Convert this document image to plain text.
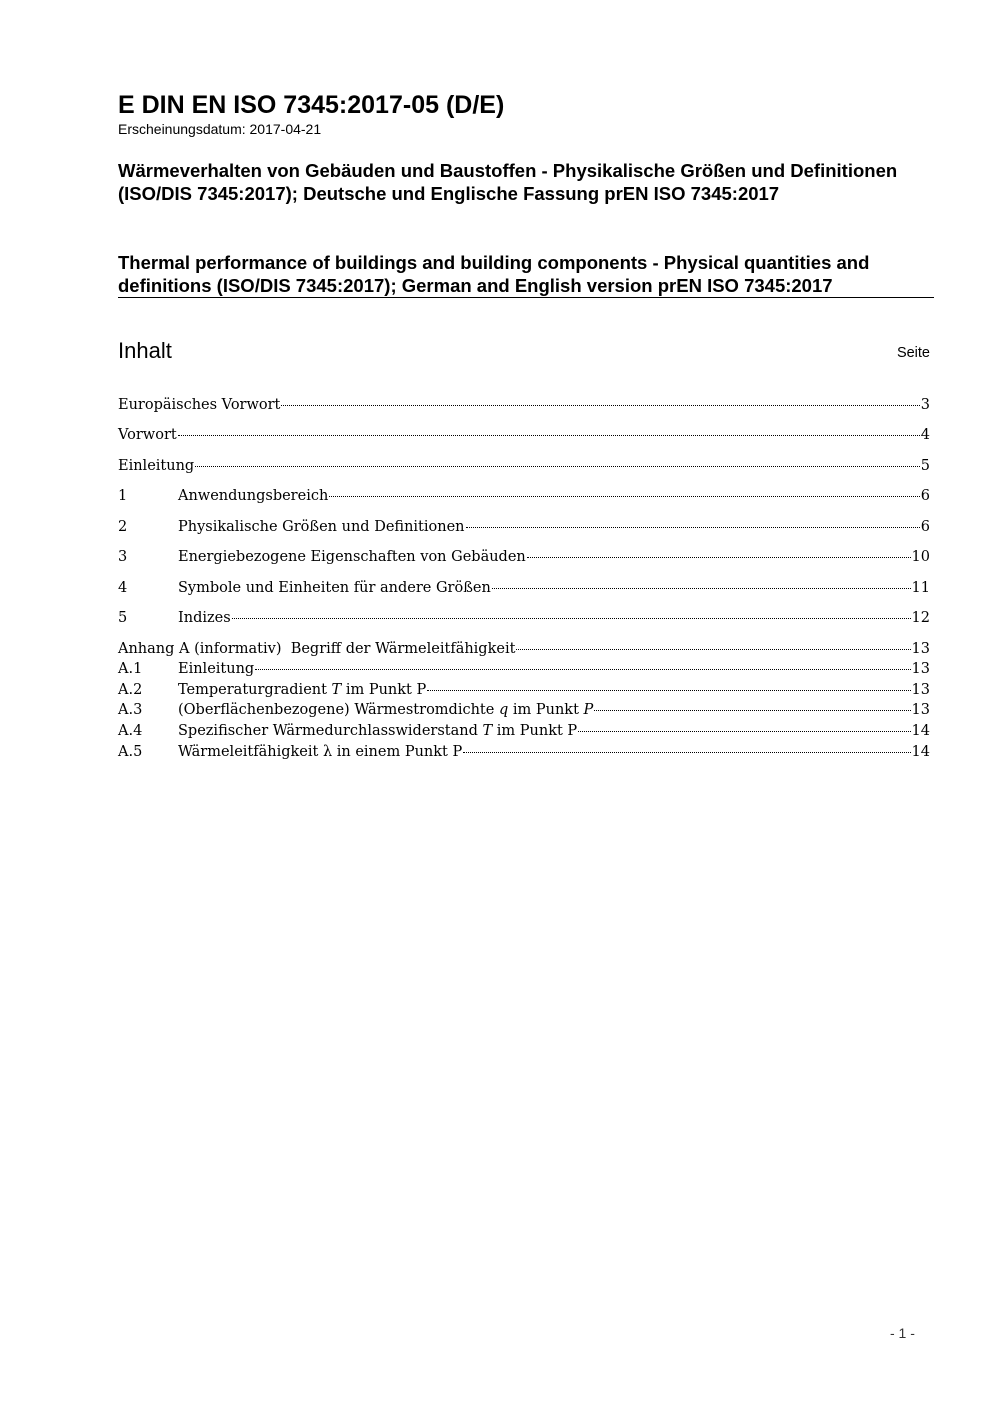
E DIN EN ISO 7345:2017-05 (D/E)
Erscheinungsdatum: 2017-04-21
Wärmeverhalten von Gebäuden und Baustoffen - Physikalische Größen und Definitionen (ISO/DIS 7345:2017); Deutsche und Englische Fassung prEN ISO 7345:2017
Thermal performance of buildings and building components - Physical quantities and definitions (ISO/DIS 7345:2017); German and English version prEN ISO 7345:2017
Inhalt	Seite
Europäisches Vorwort	3
Vorwort	4
Einleitung	5
1	Anwendungsbereich	6
2	Physikalische Größen und Definitionen	6
3	Energiebezogene Eigenschaften von Gebäuden	10
4	Symbole und Einheiten für andere Größen	11
5	Indizes	12
Anhang A (informativ)  Begriff der Wärmeleitfähigkeit	13
A.1	Einleitung	13
A.2	Temperaturgradient T im Punkt P	13
A.3	(Oberflächenbezogene) Wärmestromdichte q im Punkt P	13
A.4	Spezifischer Wärmedurchlasswiderstand T im Punkt P	14
A.5	Wärmeleitfähigkeit λ in einem Punkt P	14
- 1 -
